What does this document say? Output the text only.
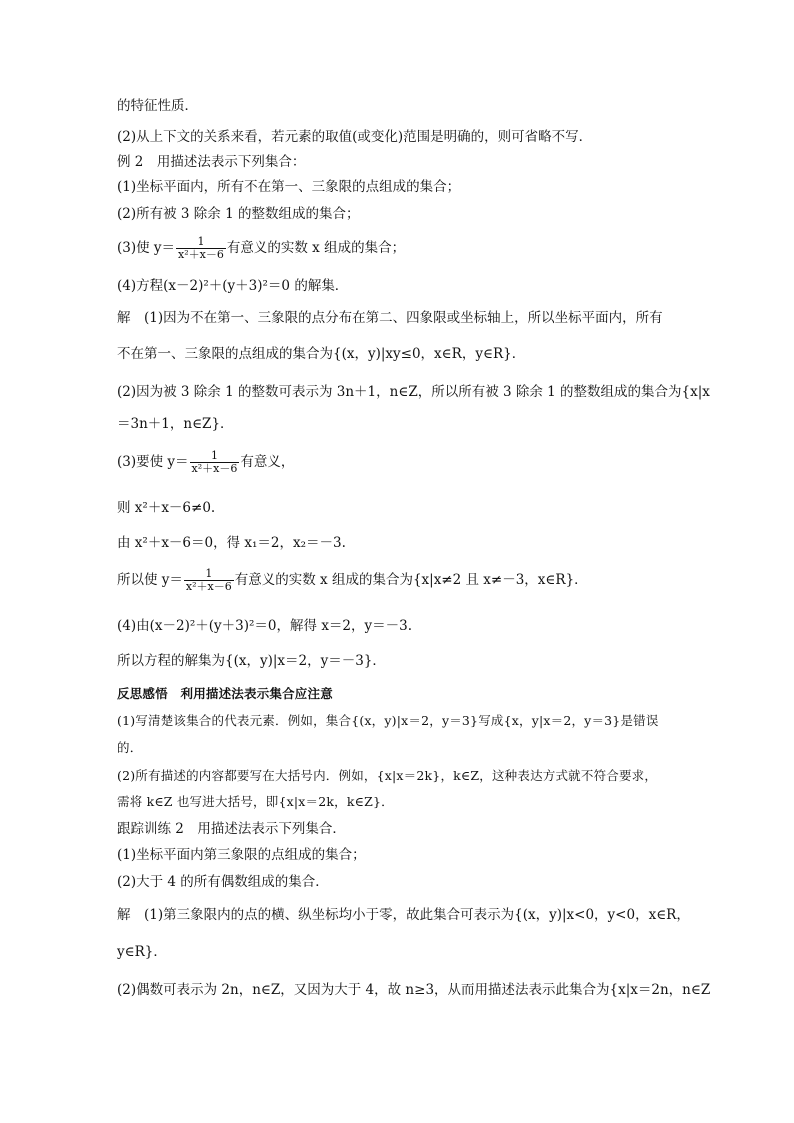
的特征性质．
(2)从上下文的关系来看，若元素的取值(或变化)范围是明确的，则可省略不写．
例 2　用描述法表示下列集合：
(1)坐标平面内，所有不在第一、三象限的点组成的集合；
(2)所有被 3 除余 1 的整数组成的集合；
(3)使 $y= \frac{1}{\text{x²＋x－6}}$ 有意义的实数 x 组成的集合；
(4)方程(x－2)²＋(y＋3)²＝0 的解集．
解　(1)因为不在第一、三象限的点分布在第二、四象限或坐标轴上，所以坐标平面内，所有
不在第一、三象限的点组成的集合为{(x，y)|xy≤0，x∈R，y∈R}．
(2)因为被 3 除余 1 的整数可表示为 3n＋1，n∈Z，所以所有被 3 除余 1 的整数组成的集合为{x|x
＝3n＋1，n∈Z}．
(3)要使 $y= \frac{1}{\text{x²＋x－6}}$ 有意义，
则 x²＋x－6≠0.
由 x²＋x－6＝0，得 x₁＝2，x₂＝－3.
所以使 $y= \frac{1}{\text{x²＋x－6}}$ 有意义的实数 x 组成的集合为{x|x≠2 且 x≠－3，x∈R}．
(4)由(x－2)²＋(y＋3)²＝0，解得 x＝2，y＝－3.
所以方程的解集为{(x，y)|x＝2，y＝－3}．
反思感悟　利用描述法表示集合应注意
(1)写清楚该集合的代表元素．例如，集合{(x，y)|x＝2，y＝3}写成{x，y|x＝2，y＝3}是错误
的．
(2)所有描述的内容都要写在大括号内．例如，{x|x＝2k}，k∈Z，这种表达方式就不符合要求，
需将 k∈Z 也写进大括号，即{x|x＝2k，k∈Z}．
跟踪训练 2　用描述法表示下列集合．
(1)坐标平面内第三象限的点组成的集合；
(2)大于 4 的所有偶数组成的集合．
解　(1)第三象限内的点的横、纵坐标均小于零，故此集合可表示为{(x，y)|x<0，y<0，x∈R，
y∈R}．
(2)偶数可表示为 2n，n∈Z，又因为大于 4，故 n≥3，从而用描述法表示此集合为{x|x＝2n，n∈Z
